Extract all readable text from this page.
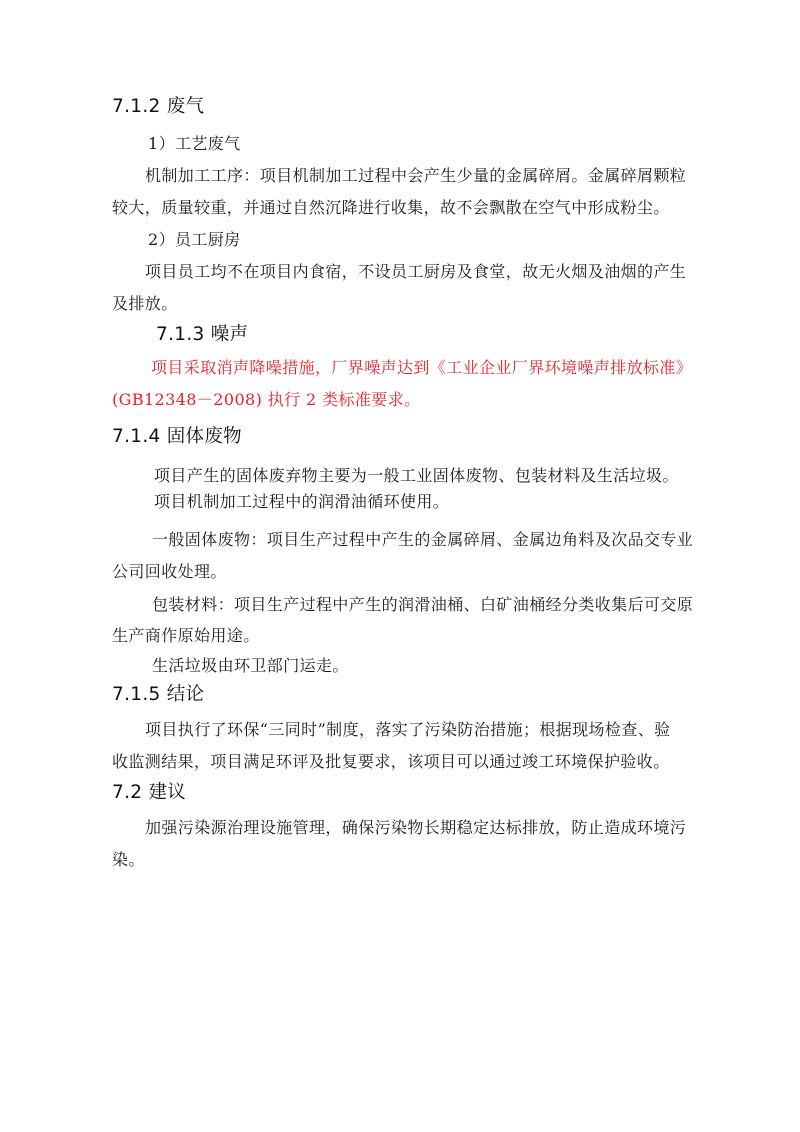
7.1.2 废气
1）工艺废气
机制加工工序：项目机制加工过程中会产生少量的金属碎屑。金属碎屑颗粒
较大，质量较重，并通过自然沉降进行收集，故不会飘散在空气中形成粉尘。
2）员工厨房
项目员工均不在项目内食宿，不设员工厨房及食堂，故无火烟及油烟的产生
及排放。
7.1.3 噪声
项目采取消声降噪措施，厂界噪声达到《工业企业厂界环境噪声排放标准》
(GB12348－2008) 执行 2 类标准要求。
7.1.4 固体废物
项目产生的固体废弃物主要为一般工业固体废物、包装材料及生活垃圾。
项目机制加工过程中的润滑油循环使用。
一般固体废物：项目生产过程中产生的金属碎屑、金属边角料及次品交专业
公司回收处理。
包装材料：项目生产过程中产生的润滑油桶、白矿油桶经分类收集后可交原
生产商作原始用途。
生活垃圾由环卫部门运走。
7.1.5 结论
项目执行了环保“三同时”制度，落实了污染防治措施；根据现场检查、验
收监测结果，项目满足环评及批复要求，该项目可以通过竣工环境保护验收。
7.2 建议
加强污染源治理设施管理，确保污染物长期稳定达标排放，防止造成环境污
染。
